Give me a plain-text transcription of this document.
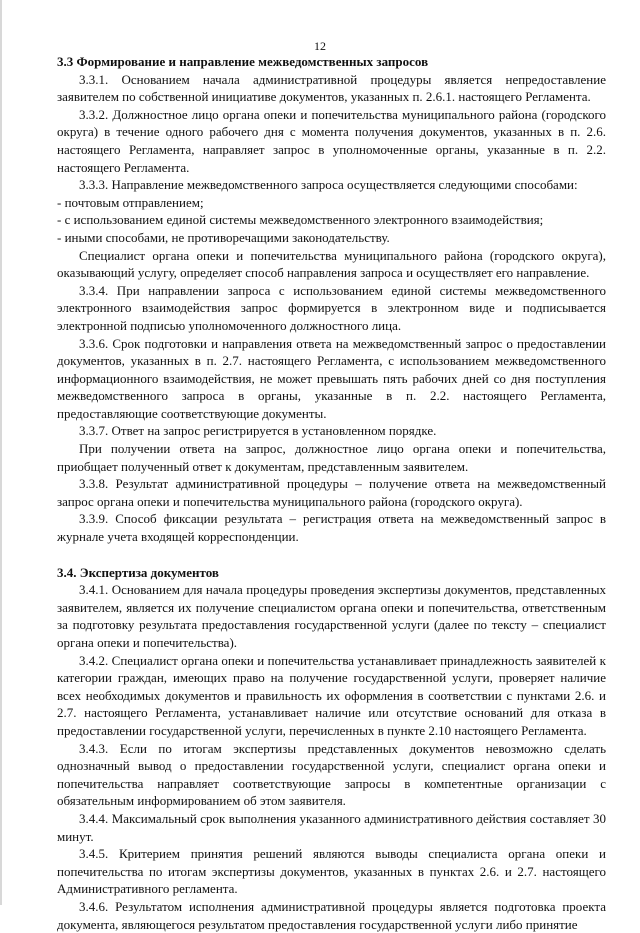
12
3.3 Формирование и направление межведомственных запросов

3.3.1. Основанием начала административной процедуры является непредоставление заявителем по собственной инициативе документов, указанных п. 2.6.1. настоящего Регламента.

3.3.2. Должностное лицо органа опеки и попечительства муниципального района (городского округа) в течение одного рабочего дня с момента получения документов, указанных в п. 2.6. настоящего Регламента, направляет запрос в уполномоченные органы, указанные в п. 2.2. настоящего Регламента.

3.3.3. Направление межведомственного запроса осуществляется следующими способами:

- почтовым отправлением;

- с использованием единой системы межведомственного электронного взаимодействия;

- иными способами, не противоречащими законодательству.

Специалист органа опеки и попечительства муниципального района (городского округа), оказывающий услугу, определяет способ направления запроса и осуществляет его направление.

3.3.4. При направлении запроса с использованием единой системы межведомственного электронного взаимодействия запрос формируется в электронном виде и подписывается электронной подписью уполномоченного должностного лица.

3.3.6. Срок подготовки и направления ответа на межведомственный запрос о предоставлении документов, указанных в п. 2.7. настоящего Регламента, с использованием межведомственного информационного взаимодействия, не может превышать пять рабочих дней со дня поступления межведомственного запроса в органы, указанные в п. 2.2. настоящего Регламента, предоставляющие соответствующие документы.

3.3.7. Ответ на запрос регистрируется в установленном порядке.

При получении ответа на запрос, должностное лицо органа опеки и попечительства, приобщает полученный ответ к документам, представленным заявителем.

3.3.8. Результат административной процедуры – получение ответа на межведомственный запрос органа опеки и попечительства муниципального района (городского округа).

3.3.9. Способ фиксации результата – регистрация ответа на межведомственный запрос в журнале учета входящей корреспонденции.

3.4. Экспертиза документов

3.4.1. Основанием для начала процедуры проведения экспертизы документов, представленных заявителем, является их получение специалистом органа опеки и попечительства, ответственным за подготовку результата предоставления государственной услуги (далее по тексту – специалист органа опеки и попечительства).

3.4.2. Специалист органа опеки и попечительства устанавливает принадлежность заявителей к категории граждан, имеющих право на получение государственной услуги, проверяет наличие всех необходимых документов и правильность их оформления в соответствии с пунктами 2.6. и 2.7. настоящего Регламента, устанавливает наличие или отсутствие оснований для отказа в предоставлении государственной услуги, перечисленных в пункте 2.10 настоящего Регламента.

3.4.3. Если по итогам экспертизы представленных документов невозможно сделать однозначный вывод о предоставлении государственной услуги, специалист органа опеки и попечительства направляет соответствующие запросы в компетентные организации с обязательным информированием об этом заявителя.

3.4.4. Максимальный срок выполнения указанного административного действия составляет 30 минут.

3.4.5. Критерием принятия решений являются выводы специалиста органа опеки и попечительства по итогам экспертизы документов, указанных в пунктах 2.6. и 2.7. настоящего Административного регламента.

3.4.6. Результатом исполнения административной процедуры является подготовка проекта документа, являющегося результатом предоставления государственной услуги либо принятие
